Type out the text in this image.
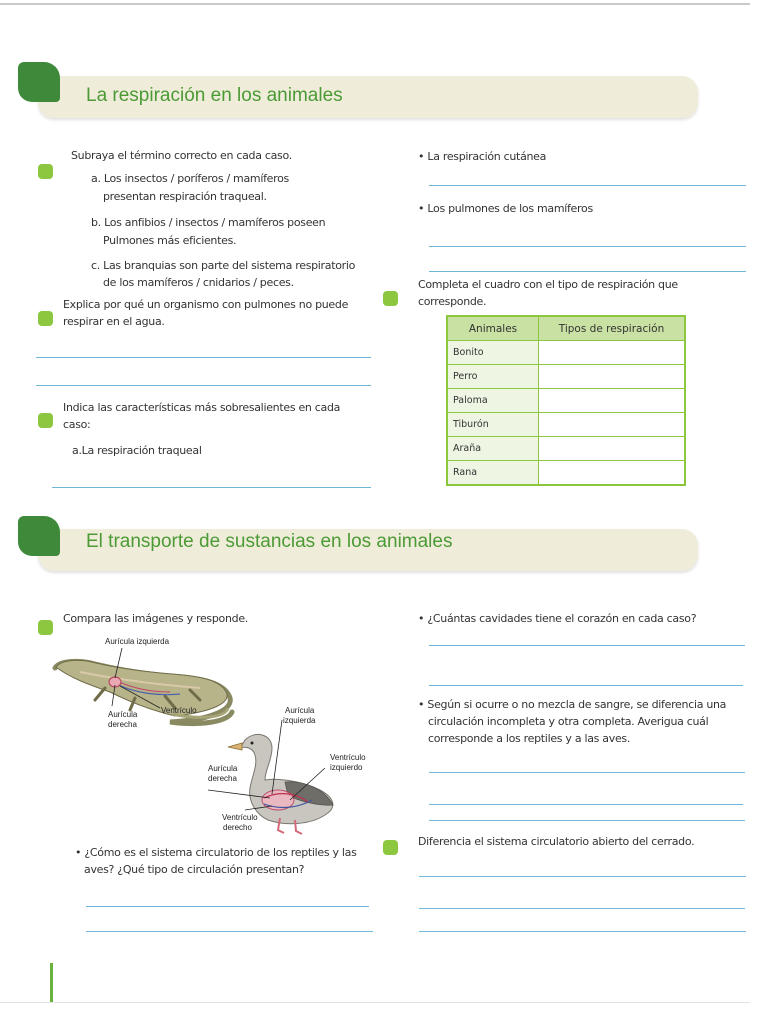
La respiración en los animales
Subraya el término correcto en cada caso.
a. Los insectos / poríferos / mamíferos
presentan respiración traqueal.
b. Los anfibios / insectos / mamíferos poseen
Pulmones más eficientes.
c. Las branquias son parte del sistema respiratorio
de los mamíferos / cnidarios / peces.
Explica por qué un organismo con pulmones no puede
respirar en el agua.
Indica las características más sobresalientes en cada
caso:
a.La respiración traqueal
• La respiración cutánea
• Los pulmones de los mamíferos
Completa el cuadro con el tipo de respiración que
corresponde.
Animales	Tipos de respiración
Bonito	
Perro	
Paloma	
Tiburón	
Araña	
Rana	
El transporte de sustancias en los animales
Compara las imágenes y responde.
Aurícula izquierda
Aurícula
derecha
Ventrículo	Aurícula
izquierda
Ventrículo
izquierdo
Aurícula
derecha
Ventrículo
derecho
• ¿Cómo es el sistema circulatorio de los reptiles y las
aves? ¿Qué tipo de circulación presentan?
• ¿Cuántas cavidades tiene el corazón en cada caso?
• Según si ocurre o no mezcla de sangre, se diferencia una
circulación incompleta y otra completa. Averigua cuál
corresponde a los reptiles y a las aves.
Diferencia el sistema circulatorio abierto del cerrado.
